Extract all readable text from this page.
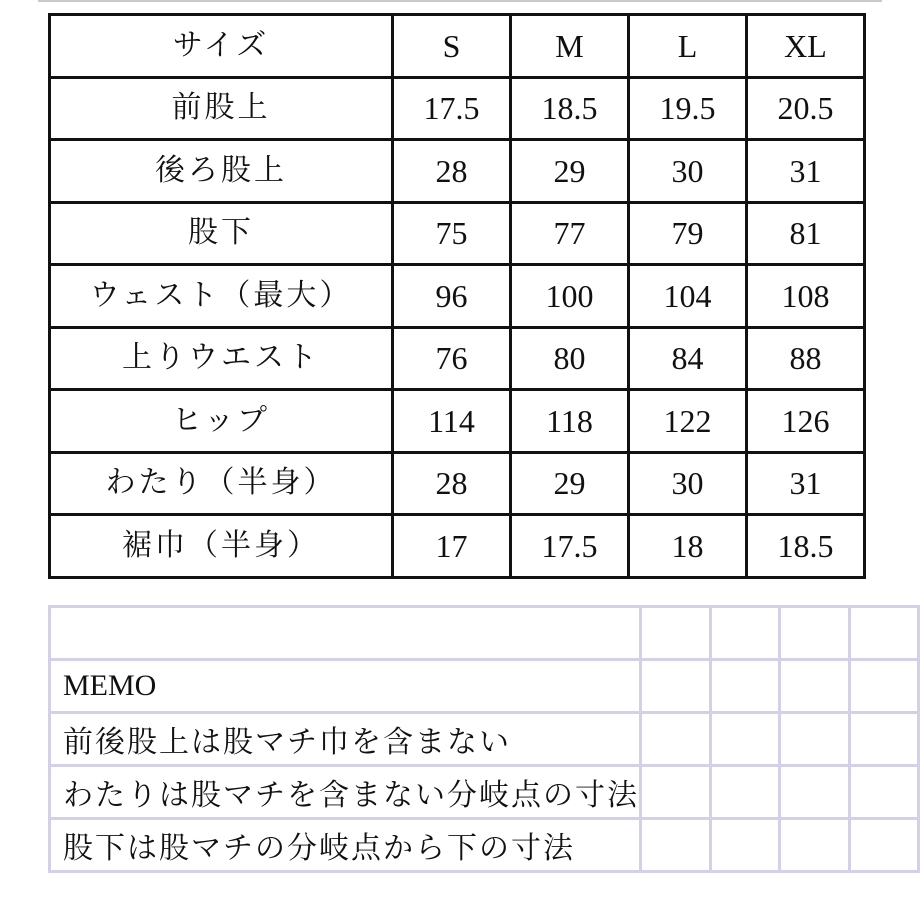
サイズ	S	M	L	XL
前股上	17.5	18.5	19.5	20.5
後ろ股上	28	29	30	31
股下	75	77	79	81
ウェスト（最大）	96	100	104	108
上りウエスト	76	80	84	88
ヒップ	114	118	122	126
わたり（半身）	28	29	30	31
裾巾（半身）	17	17.5	18	18.5

MEMO				
前後股上は股マチ巾を含まない				
わたりは股マチを含まない分岐点の寸法				
股下は股マチの分岐点から下の寸法				
